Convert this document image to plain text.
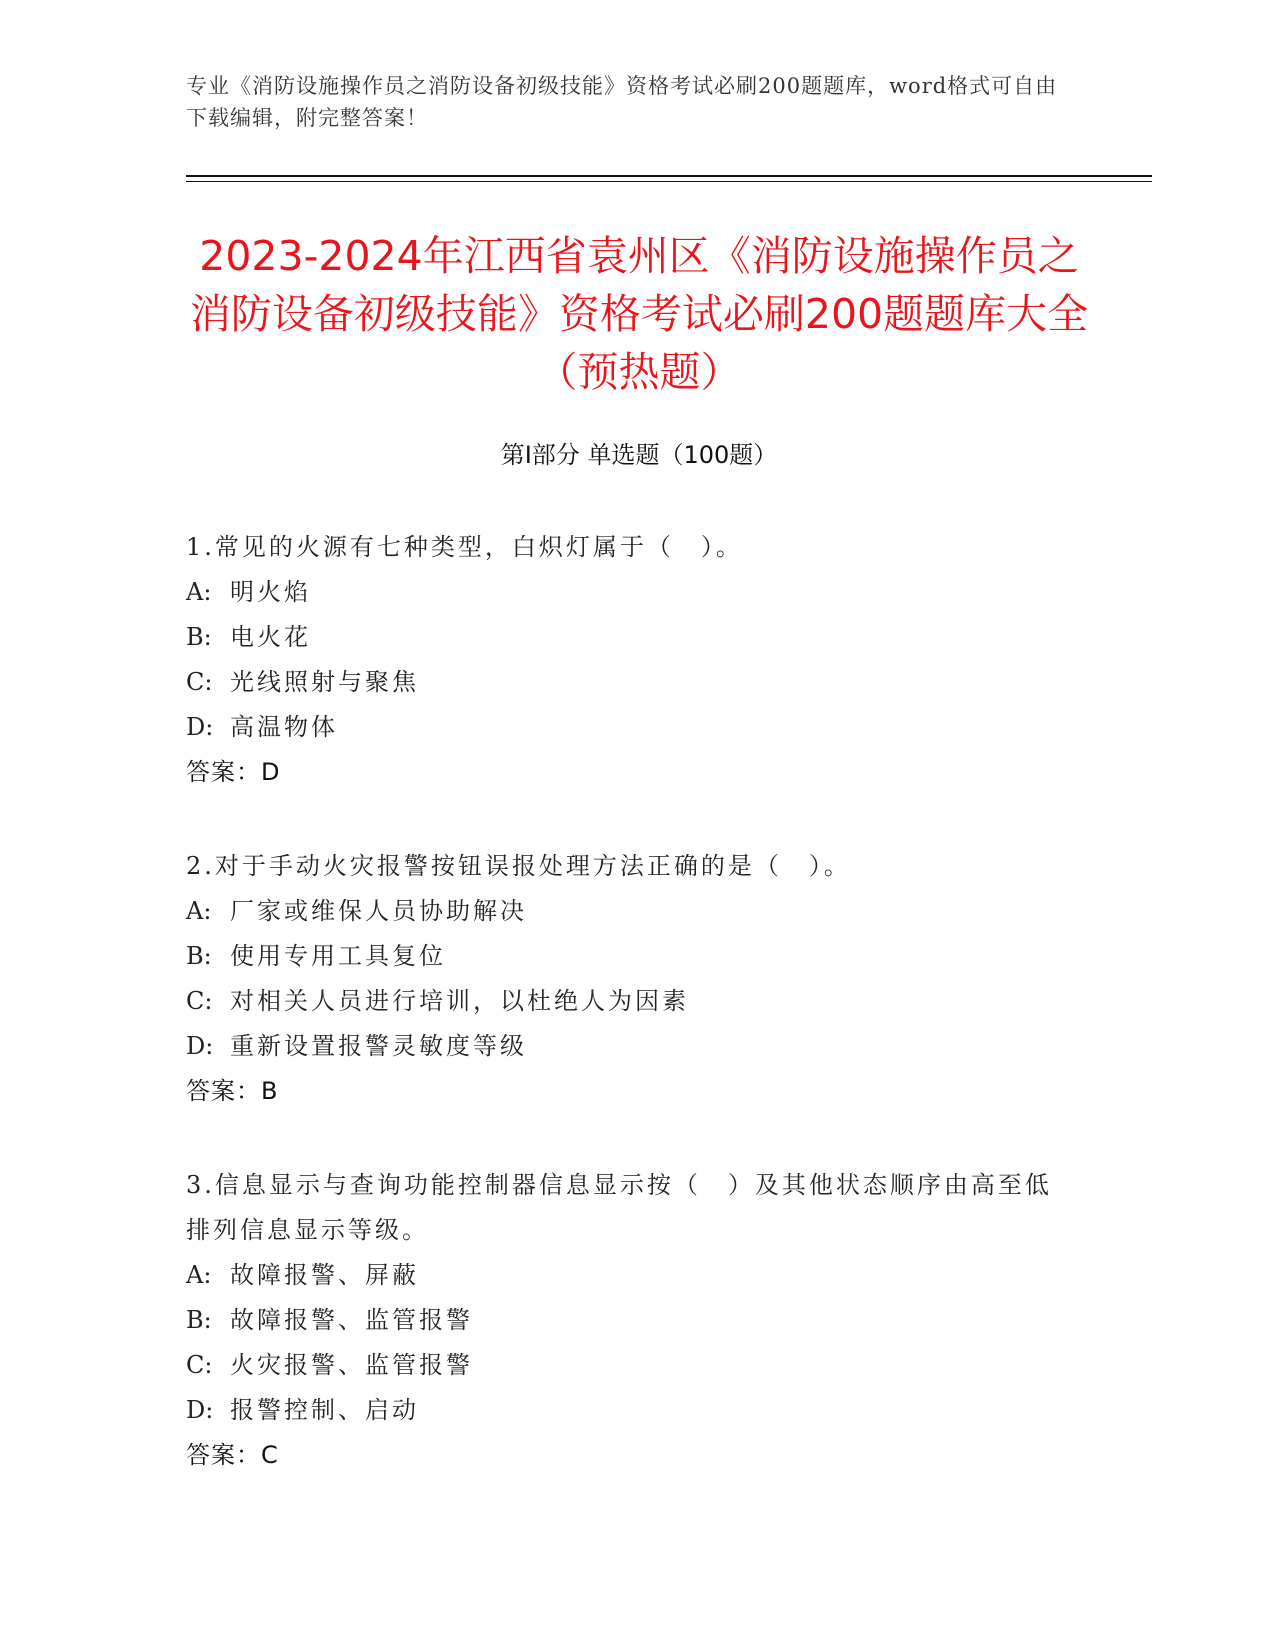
专业《消防设施操作员之消防设备初级技能》资格考试必刷200题题库，word格式可自由下载编辑，附完整答案！
2023-2024年江西省袁州区《消防设施操作员之消防设备初级技能》资格考试必刷200题题库大全（预热题）
第Ⅰ部分 单选题（100题）
1.常见的火源有七种类型，白炽灯属于（　）。
A: 明火焰
B: 电火花
C: 光线照射与聚焦
D: 高温物体
答案：D
2.对于手动火灾报警按钮误报处理方法正确的是（　）。
A: 厂家或维保人员协助解决
B: 使用专用工具复位
C: 对相关人员进行培训，以杜绝人为因素
D: 重新设置报警灵敏度等级
答案：B
3.信息显示与查询功能控制器信息显示按（　）及其他状态顺序由高至低排列信息显示等级。
A: 故障报警、屏蔽
B: 故障报警、监管报警
C: 火灾报警、监管报警
D: 报警控制、启动
答案：C
